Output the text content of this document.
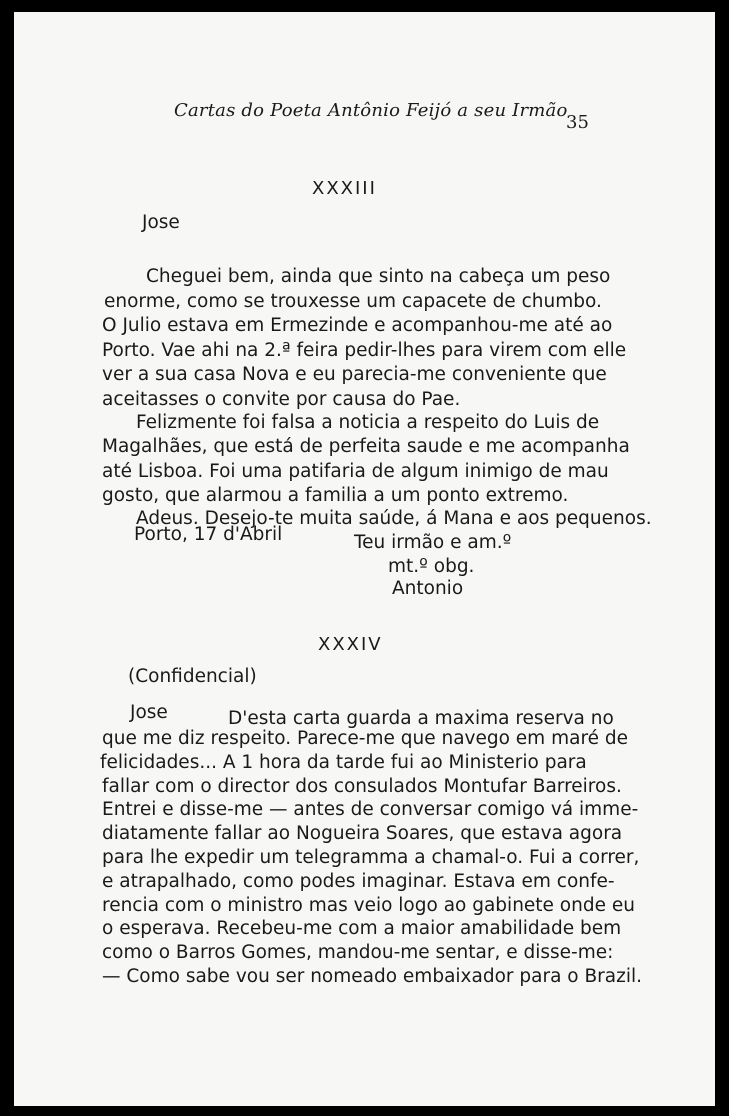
Cartas do Poeta Antônio Feijó a seu Irmão
35
XXXIII
Jose
Cheguei bem, ainda que sinto na cabeça um peso
enorme, como se trouxesse um capacete de chumbo.
O Julio estava em Ermezinde e acompanhou-me até ao
Porto. Vae ahi na 2.ª feira pedir-lhes para virem com elle
ver a sua casa Nova e eu parecia-me conveniente que
aceitasses o convite por causa do Pae.
Felizmente foi falsa a noticia a respeito do Luis de
Magalhães, que está de perfeita saude e me acompanha
até Lisboa. Foi uma patifaria de algum inimigo de mau
gosto, que alarmou a familia a um ponto extremo.
Adeus. Desejo-te muita saúde, á Mana e aos pequenos.
Porto, 17 d'Abril	Teu irmão e am.º
mt.º obg.
Antonio
XXXIV
(Confidencial)
Jose	D'esta carta guarda a maxima reserva no
que me diz respeito. Parece-me que navego em maré de
felicidades... A 1 hora da tarde fui ao Ministerio para
fallar com o director dos consulados Montufar Barreiros.
Entrei e disse-me — antes de conversar comigo vá imme-
diatamente fallar ao Nogueira Soares, que estava agora
para lhe expedir um telegramma a chamal-o. Fui a correr,
e atrapalhado, como podes imaginar. Estava em confe-
rencia com o ministro mas veio logo ao gabinete onde eu
o esperava. Recebeu-me com a maior amabilidade bem
como o Barros Gomes, mandou-me sentar, e disse-me:
— Como sabe vou ser nomeado embaixador para o Brazil.
